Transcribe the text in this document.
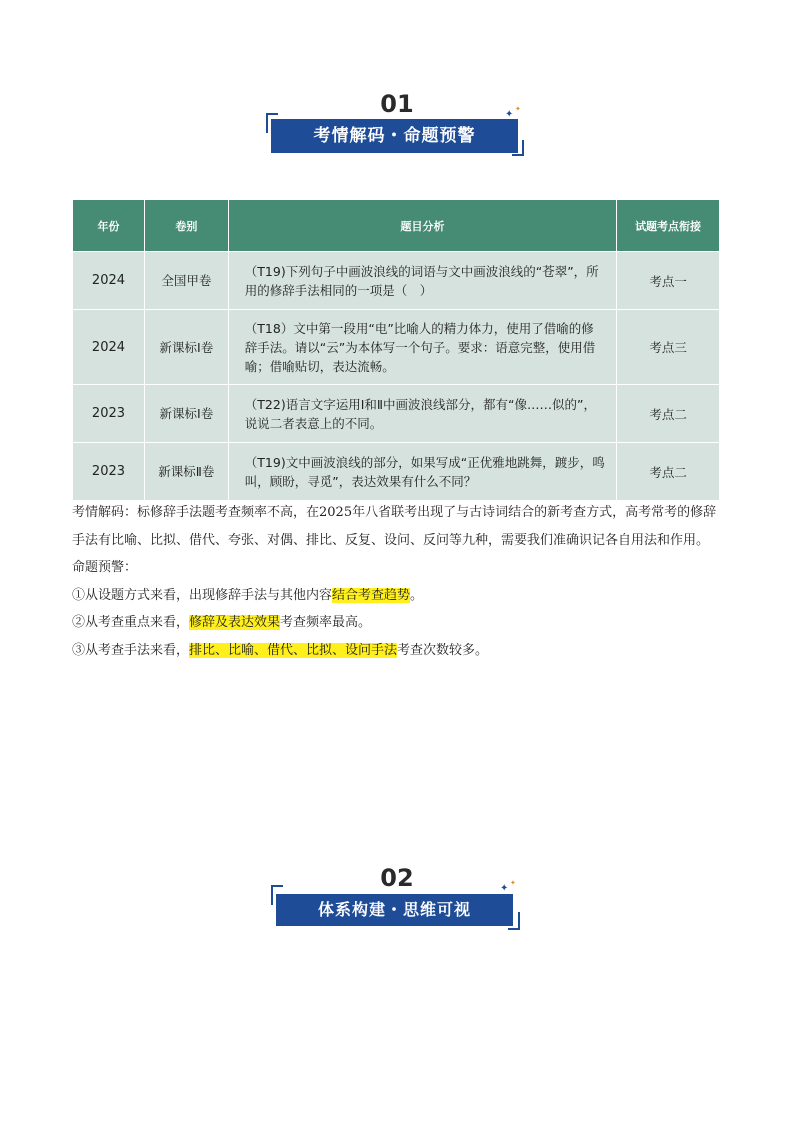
01
考情解码・命题预警
✦ ✦
年份	卷别	题目分析	试题考点衔接
2024	全国甲卷	（T19)下列句子中画波浪线的词语与文中画波浪线的“苍翠”，所用的修辞手法相同的一项是（　）	考点一
2024	新课标Ⅰ卷	（T18）文中第一段用“电”比喻人的精力体力，使用了借喻的修辞手法。请以“云”为本体写一个句子。要求：语意完整，使用借喻；借喻贴切，表达流畅。	考点三
2023	新课标Ⅰ卷	（T22)语言文字运用Ⅰ和Ⅱ中画波浪线部分，都有“像……似的”，说说二者表意上的不同。	考点二
2023	新课标Ⅱ卷	（T19)文中画波浪线的部分，如果写成“正优雅地跳舞，踱步，鸣叫，顾盼，寻觅”，表达效果有什么不同？	考点二

考情解码：标修辞手法题考查频率不高，在2025年八省联考出现了与古诗词结合的新考查方式，高考常考的修辞手法有比喻、比拟、借代、夸张、对偶、排比、反复、设问、反问等九种，需要我们准确识记各自用法和作用。

命题预警：

①从设题方式来看，出现修辞手法与其他内容结合考查趋势。

②从考查重点来看，修辞及表达效果考查频率最高。

③从考查手法来看，排比、比喻、借代、比拟、设问手法考查次数较多。

02
体系构建・思维可视
✦ ✦
